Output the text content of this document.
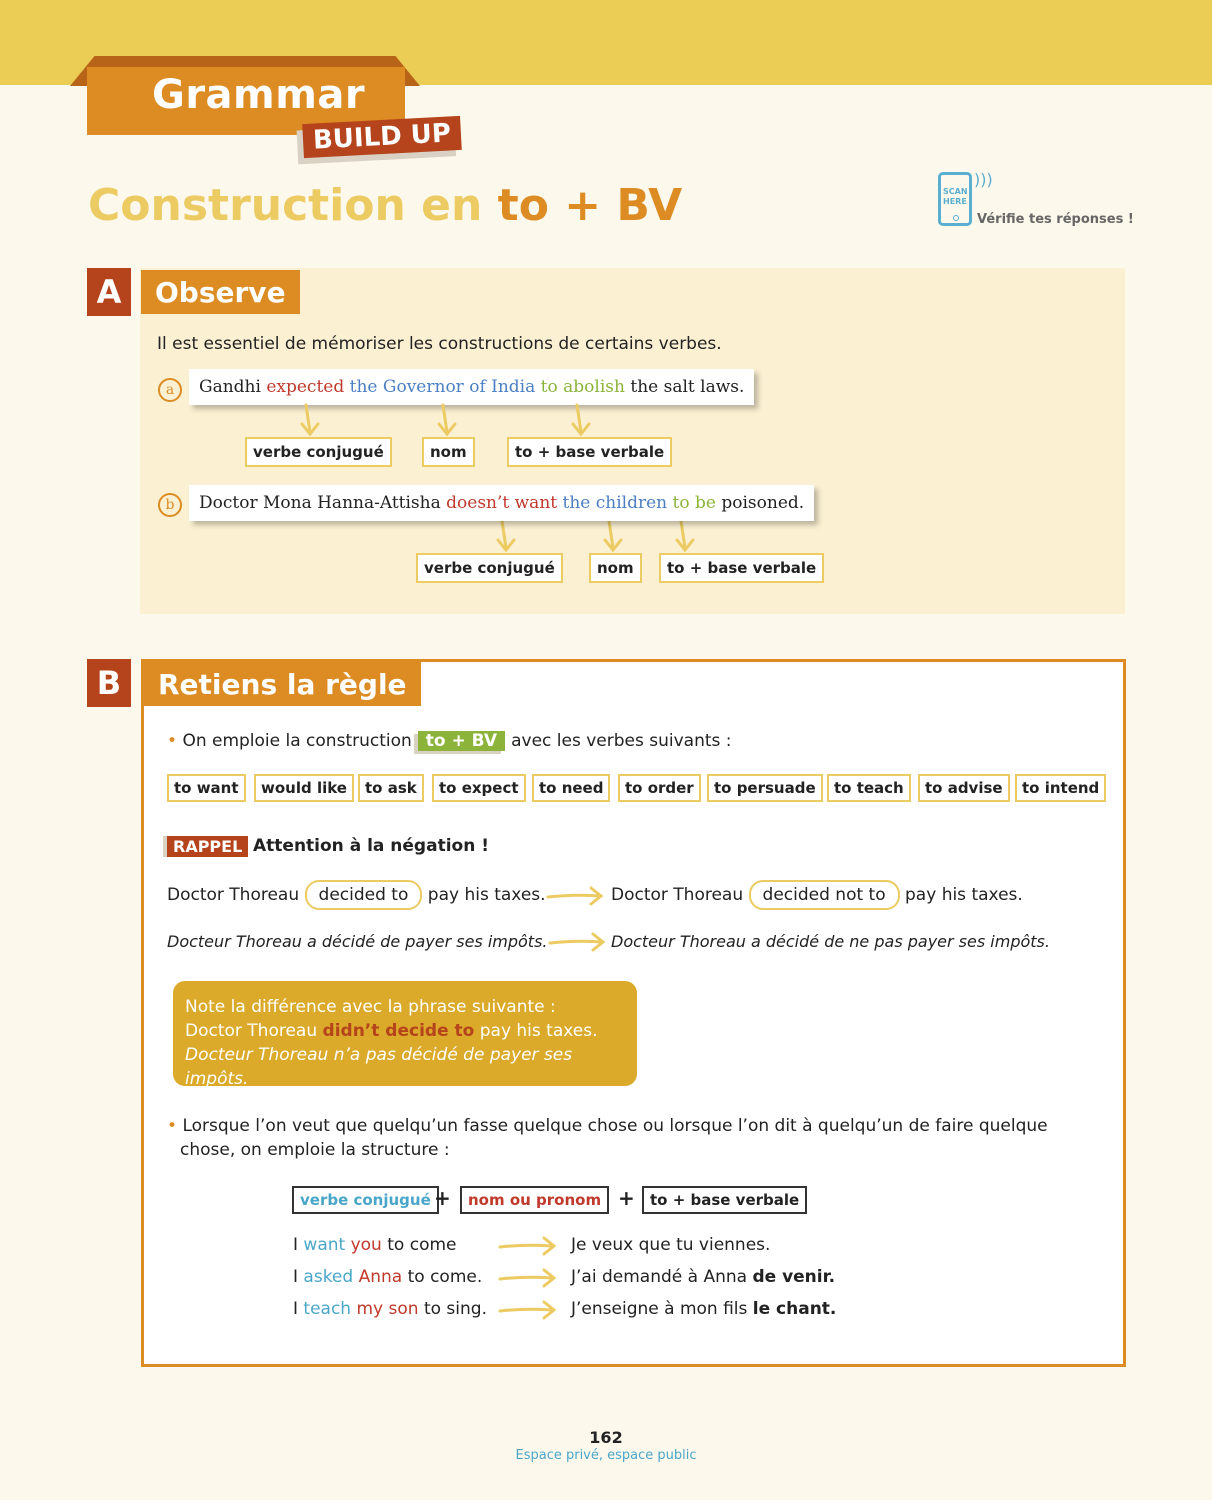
Grammar
BUILD UP
Construction en to + BV	SCAN HERE
)))
Vérifie tes réponses !
A	Observe
Il est essentiel de mémoriser les constructions de certains verbes.
a	Gandhi expected the Governor of India to abolish the salt laws.
verbe conjugué	nom	to + base verbale
b	Doctor Mona Hanna-Attisha doesn’t want the children to be poisoned.
verbe conjugué	nom	to + base verbale
B	Retiens la règle
• On emploie la construction to + BV avec les verbes suivants :
to want	would like	to ask	to expect	to need	to order	to persuade	to teach	to advise	to intend
RAPPEL Attention à la négation !
Doctor Thoreau decided to pay his taxes.	Doctor Thoreau decided not to pay his taxes.
Docteur Thoreau a décidé de payer ses impôts.	Docteur Thoreau a décidé de ne pas payer ses impôts.
Note la différence avec la phrase suivante :
Doctor Thoreau didn’t decide to pay his taxes.
Docteur Thoreau n’a pas décidé de payer ses impôts.
• Lorsque l’on veut que quelqu’un fasse quelque chose ou lorsque l’on dit à quelqu’un de faire quelque
chose, on emploie la structure :
verbe conjugué +	nom ou pronom +	to + base verbale
I want you to come	Je veux que tu viennes.
I asked Anna to come.	J’ai demandé à Anna de venir.
I teach my son to sing.	J’enseigne à mon fils le chant.
162
Espace privé, espace public
